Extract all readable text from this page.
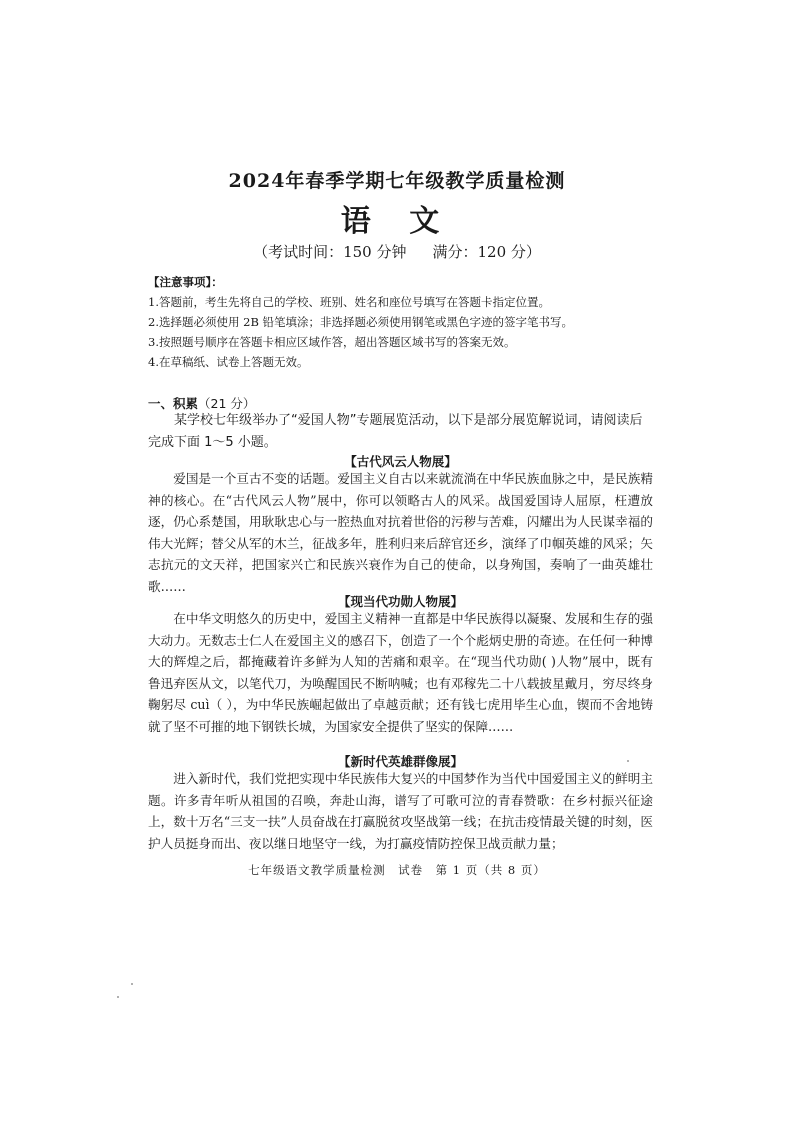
2024年春季学期七年级教学质量检测
语 文
（考试时间：150 分钟 满分：120 分）
【注意事项】：
1.答题前，考生先将自己的学校、班别、姓名和座位号填写在答题卡指定位置。
2.选择题必须使用 2B 铅笔填涂；非选择题必须使用钢笔或黑色字迹的签字笔书写。
3.按照题号顺序在答题卡相应区域作答，超出答题区域书写的答案无效。
4.在草稿纸、试卷上答题无效。
一、积累（21 分）
某学校七年级举办了“爱国人物”专题展览活动，以下是部分展览解说词，请阅读后完成下面 1～5 小题。
【古代风云人物展】
爱国是一个亘古不变的话题。爱国主义自古以来就流淌在中华民族血脉之中，是民族精神的核心。在“古代风云人物”展中，你可以领略古人的风采。战国爱国诗人屈原，枉遭放逐，仍心系楚国，用耿耿忠心与一腔热血对抗着世俗的污秽与苦难，闪耀出为人民谋幸福的伟大光辉；替父从军的木兰，征战多年，胜利归来后辞官还乡，演绎了巾帼英雄的风采；矢志抗元的文天祥，把国家兴亡和民族兴衰作为自己的使命，以身殉国，奏响了一曲英雄壮歌……
【现当代功勋人物展】
在中华文明悠久的历史中，爱国主义精神一直都是中华民族得以凝聚、发展和生存的强大动力。无数志士仁人在爱国主义的感召下，创造了一个个彪炳史册的奇迹。在任何一种博大的辉煌之后，都掩藏着许多鲜为人知的苦痛和艰辛。在“现当代功勋( )人物”展中，既有鲁迅弃医从文，以笔代刀，为唤醒国民不断呐喊；也有邓稼先二十八载披星戴月，穷尽终身鞠躬尽 cuì（ ），为中华民族崛起做出了卓越贡献；还有钱七虎用毕生心血，锲而不舍地铸就了坚不可摧的地下钢铁长城，为国家安全提供了坚实的保障……
【新时代英雄群像展】
进入新时代，我们党把实现中华民族伟大复兴的中国梦作为当代中国爱国主义的鲜明主题。许多青年听从祖国的召唤，奔赴山海，谱写了可歌可泣的青春赞歌：在乡村振兴征途上，数十万名“三支一扶”人员奋战在打赢脱贫攻坚战第一线；在抗击疫情最关键的时刻，医护人员挺身而出、夜以继日地坚守一线，为打赢疫情防控保卫战贡献力量；
七年级语文教学质量检测　试卷　第 1 页（共 8 页）
